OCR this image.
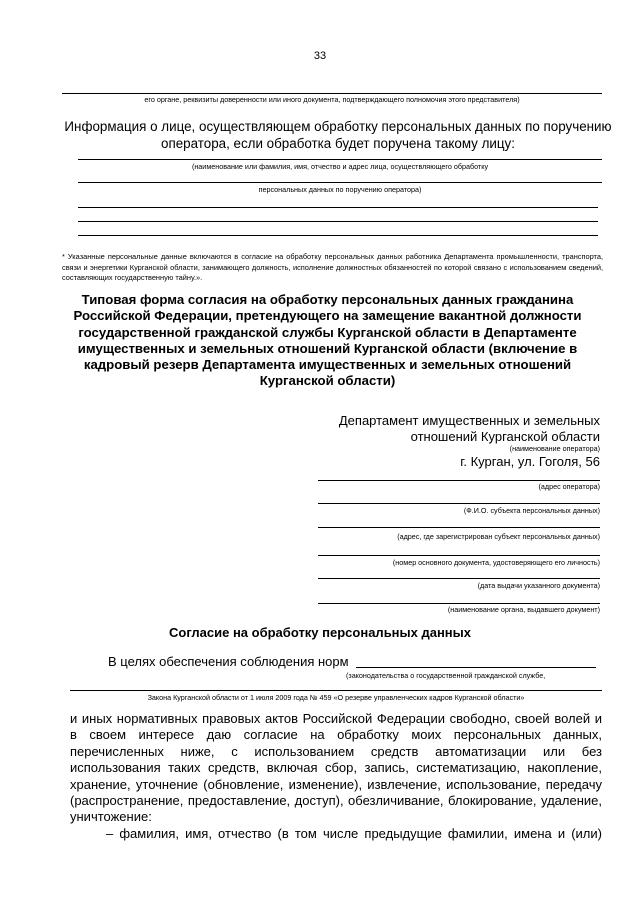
33
его органе, реквизиты доверенности или иного документа, подтверждающего полномочия этого представителя)
Информация о лице, осуществляющем обработку персональных данных по поручению оператора, если обработка будет поручена такому лицу:
(наименование или фамилия, имя, отчество и адрес лица, осуществляющего обработку
персональных данных по поручению оператора)
* Указанные персональные данные включаются в согласие на обработку персональных данных работника Департамента промышленности, транспорта, связи и энергетики Курганской области, занимающего должность, исполнение должностных обязанностей по которой связано с использованием сведений, составляющих государственную тайну.».
Типовая форма согласия на обработку персональных данных гражданина Российской Федерации, претендующего на замещение вакантной должности государственной гражданской службы Курганской области в Департаменте имущественных и земельных отношений Курганской области (включение в кадровый резерв Департамента имущественных и земельных отношений Курганской области)
Департамент имущественных и земельных
отношений Курганской области
(наименование оператора)
г. Курган, ул. Гоголя, 56
(адрес оператора)
(Ф.И.О. субъекта персональных данных)
(адрес, где зарегистрирован субъект персональных данных)
(номер основного документа, удостоверяющего его личность)
(дата выдачи указанного документа)
(наименование органа, выдавшего документ)
Согласие на обработку персональных данных
В целях обеспечения соблюдения норм
(законодательства о государственной гражданской службе,
Закона Курганской области от 1 июля 2009 года № 459 «О резерве управленческих кадров Курганской области»
и иных нормативных правовых актов Российской Федерации свободно, своей волей и в своем интересе даю согласие на обработку моих персональных данных, перечисленных ниже, с использованием средств автоматизации или без использования таких средств, включая сбор, запись, систематизацию, накопление, хранение, уточнение (обновление, изменение), извлечение, использование, передачу (распространение, предоставление, доступ), обезличивание, блокирование, удаление, уничтожение:
– фамилия, имя, отчество (в том числе предыдущие фамилии, имена и (или)
